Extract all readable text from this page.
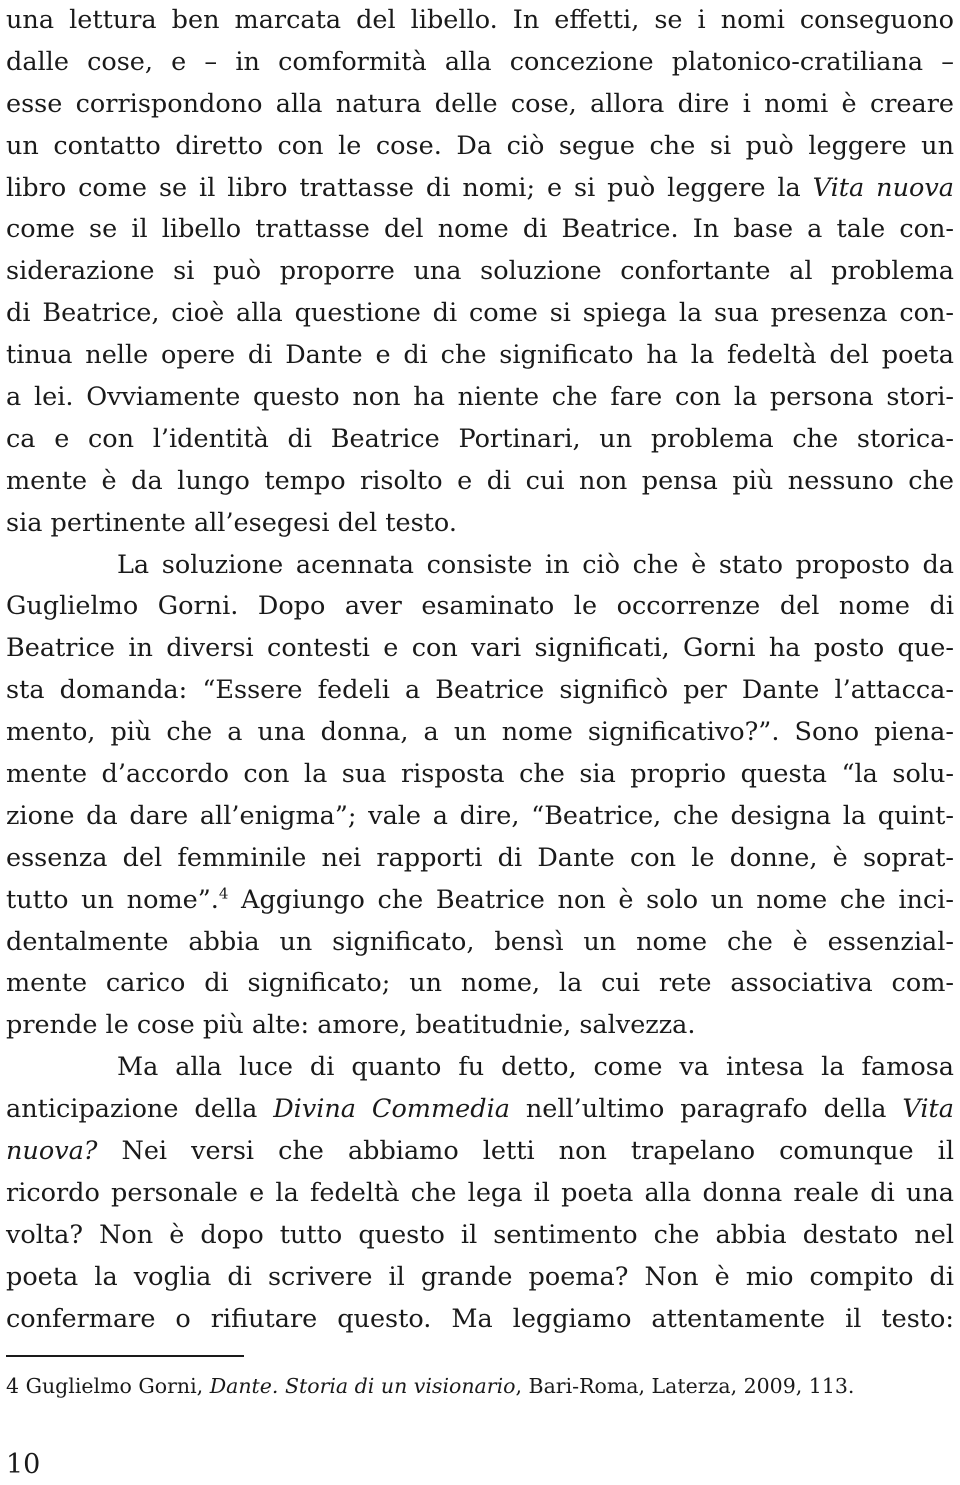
una lettura ben marcata del libello. In effetti, se i nomi conseguono
dalle cose, e – in comformità alla concezione platonico-cratiliana –
esse corrispondono alla natura delle cose, allora dire i nomi è creare
un contatto diretto con le cose. Da ciò segue che si può leggere un
libro come se il libro trattasse di nomi; e si può leggere la Vita nuova
come se il libello trattasse del nome di Beatrice. In base a tale con-
siderazione si può proporre una soluzione confortante al problema
di Beatrice, cioè alla questione di come si spiega la sua presenza con-
tinua nelle opere di Dante e di che significato ha la fedeltà del poeta
a lei. Ovviamente questo non ha niente che fare con la persona stori-
ca e con l’identità di Beatrice Portinari, un problema che storica-
mente è da lungo tempo risolto e di cui non pensa più nessuno che
sia pertinente all’esegesi del testo.
La soluzione acennata consiste in ciò che è stato proposto da
Guglielmo Gorni. Dopo aver esaminato le occorrenze del nome di
Beatrice in diversi contesti e con vari significati, Gorni ha posto que-
sta domanda: “Essere fedeli a Beatrice significò per Dante l’attacca-
mento, più che a una donna, a un nome significativo?”. Sono piena-
mente d’accordo con la sua risposta che sia proprio questa “la solu-
zione da dare all’enigma”; vale a dire, “Beatrice, che designa la quint-
essenza del femminile nei rapporti di Dante con le donne, è soprat-
tutto un nome”.$^4$ Aggiungo che Beatrice non è solo un nome che inci-
dentalmente abbia un significato, bensì un nome che è essenzial-
mente carico di significato; un nome, la cui rete associativa com-
prende le cose più alte: amore, beatitudnie, salvezza.
Ma alla luce di quanto fu detto, come va intesa la famosa
anticipazione della Divina Commedia nell’ultimo paragrafo della Vita
nuova? Nei versi che abbiamo letti non trapelano comunque il
ricordo personale e la fedeltà che lega il poeta alla donna reale di una
volta? Non è dopo tutto questo il sentimento che abbia destato nel
poeta la voglia di scrivere il grande poema? Non è mio compito di
confermare o rifiutare questo. Ma leggiamo attentamente il testo:
4 Guglielmo Gorni, Dante. Storia di un visionario, Bari-Roma, Laterza, 2009, 113.
10
